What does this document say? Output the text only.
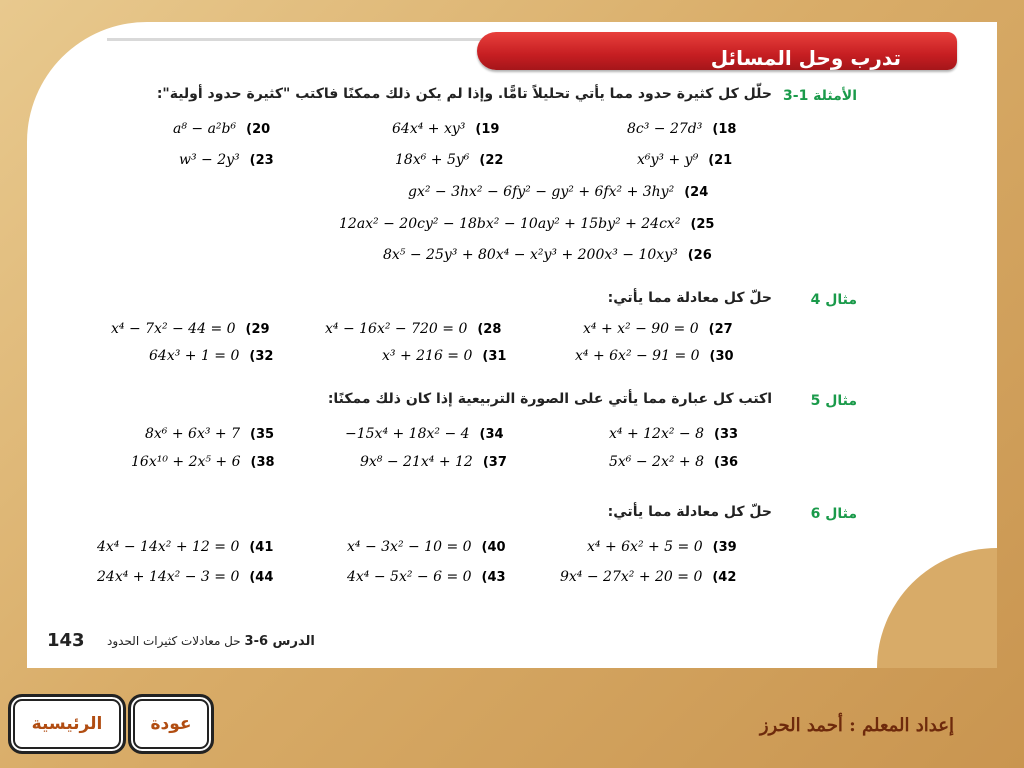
تدرب وحل المسائل
الأمثلة 1-3
حلّل كل كثيرة حدود مما يأتي تحليلاً تامًّا. وإذا لم يكن ذلك ممكنًا فاكتب "كثيرة حدود أولية":
8c³ − 27d³ (18
64x⁴ + xy³ (19
a⁸ − a²b⁶ (20
x⁶y³ + y⁹ (21
18x⁶ + 5y⁶ (22
w³ − 2y³ (23
gx² − 3hx² − 6fy² − gy² + 6fx² + 3hy² (24
12ax² − 20cy² − 18bx² − 10ay² + 15by² + 24cx² (25
8x⁵ − 25y³ + 80x⁴ − x²y³ + 200x³ − 10xy³ (26
مثال 4
حلّ كل معادلة مما يأتي:
x⁴ + x² − 90 = 0 (27
x⁴ − 16x² − 720 = 0 (28
x⁴ − 7x² − 44 = 0 (29
x⁴ + 6x² − 91 = 0 (30
x³ + 216 = 0 (31
64x³ + 1 = 0 (32
مثال 5
اكتب كل عبارة مما يأتي على الصورة التربيعية إذا كان ذلك ممكنًا:
x⁴ + 12x² − 8 (33
−15x⁴ + 18x² − 4 (34
8x⁶ + 6x³ + 7 (35
5x⁶ − 2x² + 8 (36
9x⁸ − 21x⁴ + 12 (37
16x¹⁰ + 2x⁵ + 6 (38
مثال 6
حلّ كل معادلة مما يأتي:
x⁴ + 6x² + 5 = 0 (39
x⁴ − 3x² − 10 = 0 (40
4x⁴ − 14x² + 12 = 0 (41
9x⁴ − 27x² + 20 = 0 (42
4x⁴ − 5x² − 6 = 0 (43
24x⁴ + 14x² − 3 = 0 (44
143	الدرس 6-3 حل معادلات كثيرات الحدود
الرئيسية	عودة	إعداد المعلم : أحمد الحرز
